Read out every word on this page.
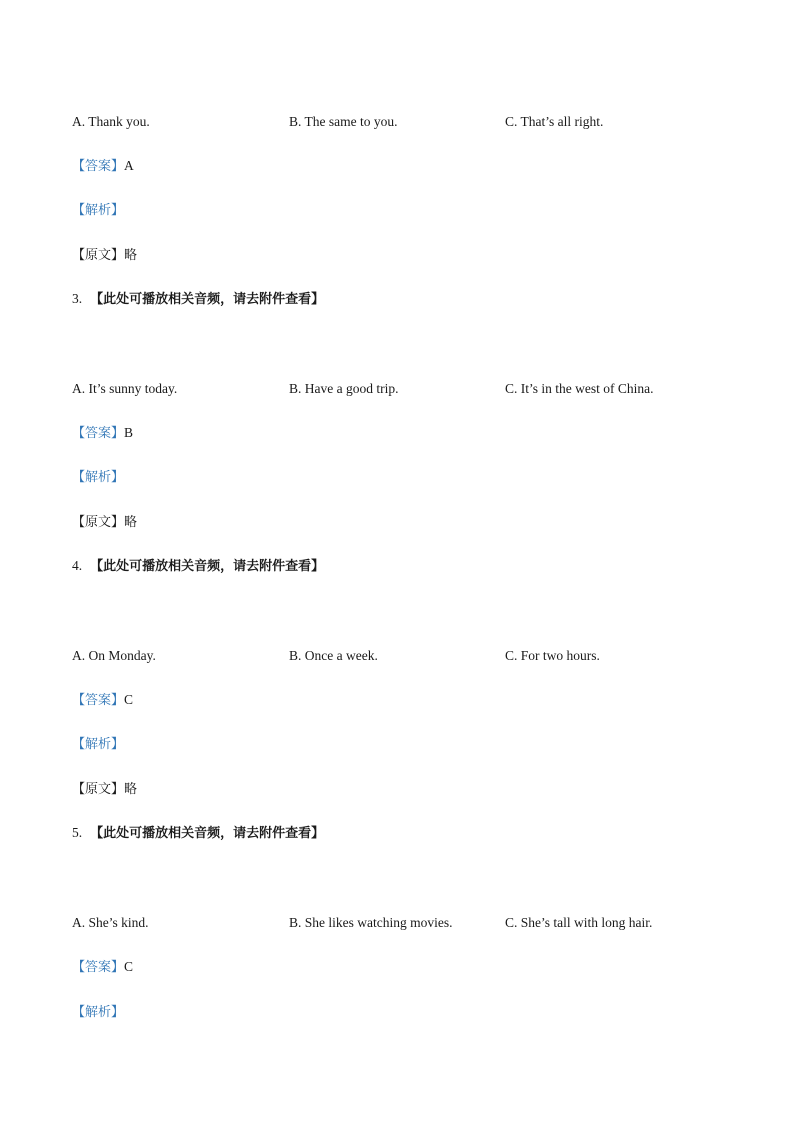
A. Thank you.	B. The same to you.	C. That’s all right.
【答案】A
【解析】
【原文】略
3. 【此处可播放相关音频，请去附件查看】
A. It’s sunny today.	B. Have a good trip.	C. It’s in the west of China.
【答案】B
【解析】
【原文】略
4. 【此处可播放相关音频，请去附件查看】
A. On Monday.	B. Once a week.	C. For two hours.
【答案】C
【解析】
【原文】略
5. 【此处可播放相关音频，请去附件查看】
A. She’s kind.	B. She likes watching movies.	C. She’s tall with long hair.
【答案】C
【解析】
